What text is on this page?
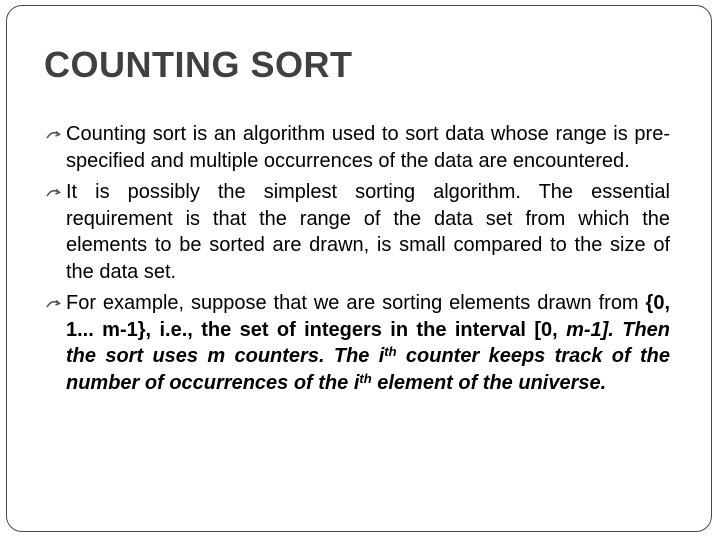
COUNTING SORT

Counting sort is an algorithm used to sort data whose range is pre-specified and multiple occurrences of the data are encountered.

It is possibly the simplest sorting algorithm. The essential requirement is that the range of the data set from which the elements to be sorted are drawn, is small compared to the size of the data set.

For example, suppose that we are sorting elements drawn from {0, 1... m-1}, i.e., the set of integers in the interval [0, m-1]. Then the sort uses m counters. The $i^{th}$ counter keeps track of the number of occurrences of the $i^{th}$ element of the universe.
